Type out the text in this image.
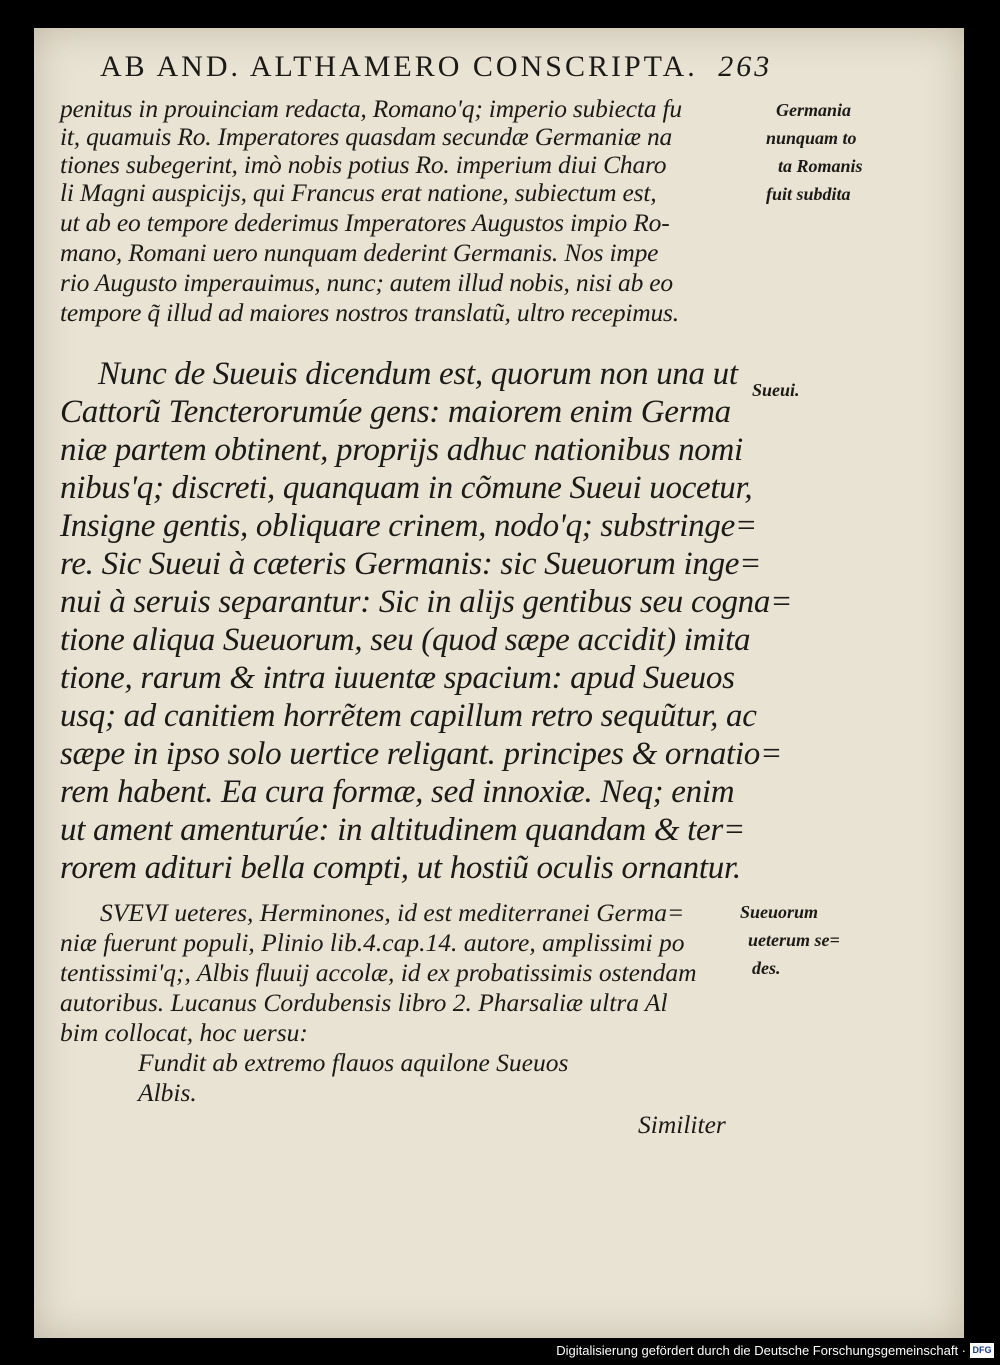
AB AND. ALTHAMERO CONSCRIPTA. 263
penitus in prouinciam redacta, Romano'q; imperio subiecta fu
it, quamuis Ro. Imperatores quasdam secundæ Germaniæ na
tiones subegerint, imò nobis potius Ro. imperium diui Charo
li Magni auspicijs, qui Francus erat natione, subiectum est,
ut ab eo tempore dederimus Imperatores Augustos impio Ro-
mano, Romani uero nunquam dederint Germanis. Nos impe
rio Augusto imperauimus, nunc; autem illud nobis, nisi ab eo
tempore q̃ illud ad maiores nostros translatũ, ultro recepimus.
Germania
nunquam to
ta Romanis
fuit subdita
Nunc de Sueuis dicendum est, quorum non una ut
Cattorũ Tencterorumúe gens: maiorem enim Germa
niæ partem obtinent, proprijs adhuc nationibus nomi
nibus'q; discreti, quanquam in cõmune Sueui uocetur,
Insigne gentis, obliquare crinem, nodo'q; substringe=
re. Sic Sueui à cæteris Germanis: sic Sueuorum inge=
nui à seruis separantur: Sic in alijs gentibus seu cogna=
tione aliqua Sueuorum, seu (quod sæpe accidit) imita
tione, rarum & intra iuuentæ spacium: apud Sueuos
usq; ad canitiem horrẽtem capillum retro sequũtur, ac
sæpe in ipso solo uertice religant. principes & ornatio=
rem habent. Ea cura formæ, sed innoxiæ. Neq; enim
ut ament amenturúe: in altitudinem quandam & ter=
rorem adituri bella compti, ut hostiũ oculis ornantur.
Sueui.
SVEVI ueteres, Herminones, id est mediterranei Germa=
niæ fuerunt populi, Plinio lib.4.cap.14. autore, amplissimi po
tentissimi'q;, Albis fluuij accolæ, id ex probatissimis ostendam
autoribus. Lucanus Cordubensis libro 2. Pharsaliæ ultra Al
bim collocat, hoc uersu:
Fundit ab extremo flauos aquilone Sueuos
Albis.
Similiter
Sueuorum
ueterum se=
des.
Digitalisierung gefördert durch die Deutsche Forschungsgemeinschaft · DFG
